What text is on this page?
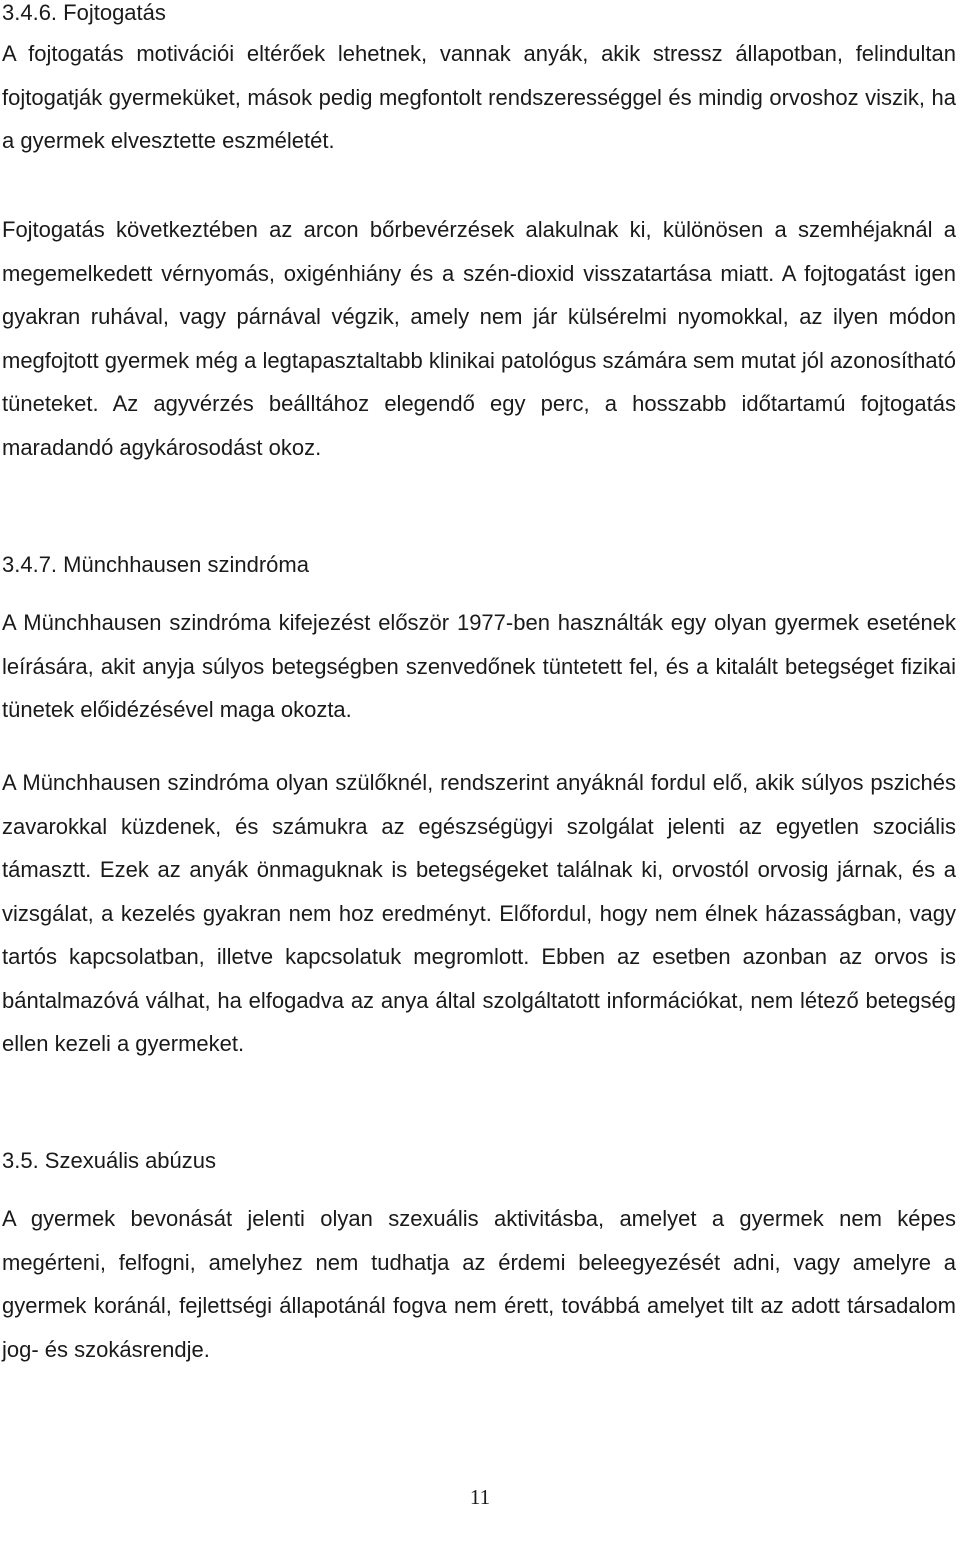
3.4.6. Fojtogatás

A fojtogatás motivációi eltérőek lehetnek, vannak anyák, akik stressz állapotban, felindultan fojtogatják gyermeküket, mások pedig megfontolt rendszerességgel és mindig orvoshoz viszik, ha a gyermek elvesztette eszméletét.

Fojtogatás következtében az arcon bőrbevérzések alakulnak ki, különösen a szemhéjaknál a megemelkedett vérnyomás, oxigénhiány és a szén-dioxid visszatartása miatt. A fojtogatást igen gyakran ruhával, vagy párnával végzik, amely nem jár külsérelmi nyomokkal, az ilyen módon megfojtott gyermek még a legtapasztaltabb klinikai patológus számára sem mutat jól azonosítható tüneteket. Az agyvérzés beálltához elegendő egy perc, a hosszabb időtartamú fojtogatás maradandó agykárosodást okoz.

3.4.7. Münchhausen szindróma

A Münchhausen szindróma kifejezést először 1977-ben használták egy olyan gyermek esetének leírására, akit anyja súlyos betegségben szenvedőnek tüntetett fel, és a kitalált betegséget fizikai tünetek előidézésével maga okozta.

A Münchhausen szindróma olyan szülőknél, rendszerint anyáknál fordul elő, akik súlyos pszichés zavarokkal küzdenek, és számukra az egészségügyi szolgálat jelenti az egyetlen szociális támasztt. Ezek az anyák önmaguknak is betegségeket találnak ki, orvostól orvosig járnak, és a vizsgálat, a kezelés gyakran nem hoz eredményt. Előfordul, hogy nem élnek házasságban, vagy tartós kapcsolatban, illetve kapcsolatuk megromlott. Ebben az esetben azonban az orvos is bántalmazóvá válhat, ha elfogadva az anya által szolgáltatott információkat, nem létező betegség ellen kezeli a gyermeket.

3.5. Szexuális abúzus

A gyermek bevonását jelenti olyan szexuális aktivitásba, amelyet a gyermek nem képes megérteni, felfogni, amelyhez nem tudhatja az érdemi beleegyezését adni, vagy amelyre a gyermek koránál, fejlettségi állapotánál fogva nem érett, továbbá amelyet tilt az adott társadalom jog- és szokásrendje.

11
